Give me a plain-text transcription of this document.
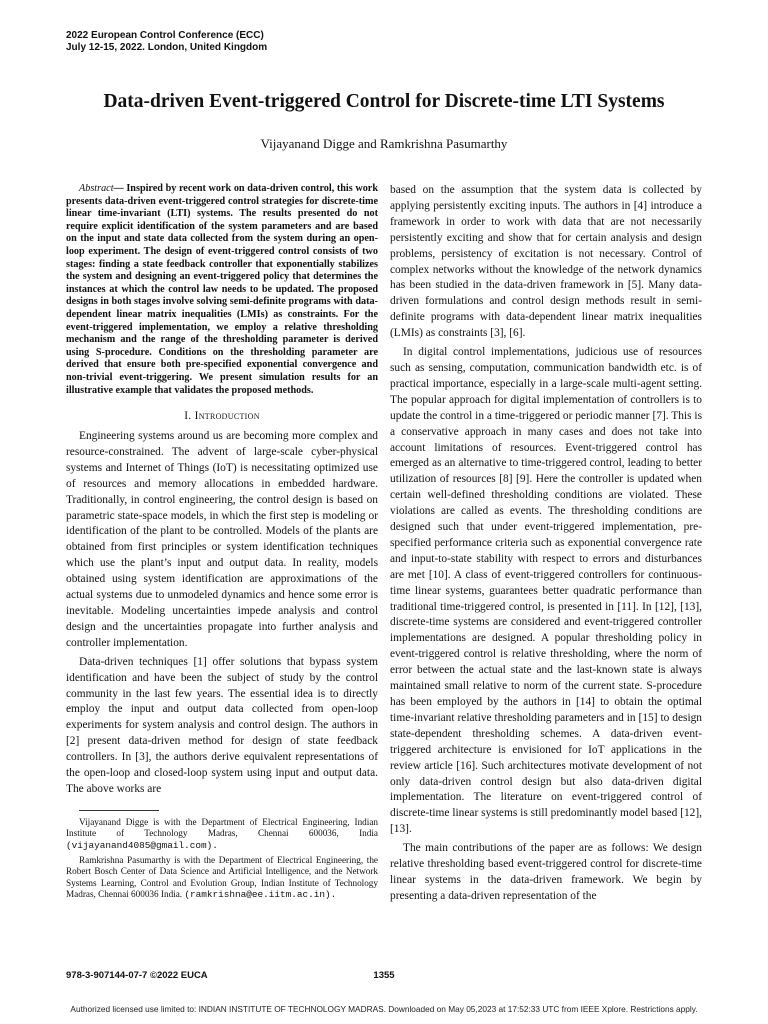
2022 European Control Conference (ECC)
July 12-15, 2022. London, United Kingdom
Data-driven Event-triggered Control for Discrete-time LTI Systems
Vijayanand Digge and Ramkrishna Pasumarthy

Abstract— Inspired by recent work on data-driven control, this work presents data-driven event-triggered control strategies for discrete-time linear time-invariant (LTI) systems. The results presented do not require explicit identification of the system parameters and are based on the input and state data collected from the system during an open-loop experiment. The design of event-triggered control consists of two stages: finding a state feedback controller that exponentially stabilizes the system and designing an event-triggered policy that determines the instances at which the control law needs to be updated. The proposed designs in both stages involve solving semi-definite programs with data-dependent linear matrix inequalities (LMIs) as constraints. For the event-triggered implementation, we employ a relative thresholding mechanism and the range of the thresholding parameter is derived using S-procedure. Conditions on the thresholding parameter are derived that ensure both pre-specified exponential convergence and non-trivial event-triggering. We present simulation results for an illustrative example that validates the proposed methods.

I. Introduction

Engineering systems around us are becoming more complex and resource-constrained. The advent of large-scale cyber-physical systems and Internet of Things (IoT) is necessitating optimized use of resources and memory allocations in embedded hardware. Traditionally, in control engineering, the control design is based on parametric state-space models, in which the first step is modeling or identification of the plant to be controlled. Models of the plants are obtained from first principles or system identification techniques which use the plant’s input and output data. In reality, models obtained using system identification are approximations of the actual systems due to unmodeled dynamics and hence some error is inevitable. Modeling uncertainties impede analysis and control design and the uncertainties propagate into further analysis and controller implementation.

Data-driven techniques [1] offer solutions that bypass system identification and have been the subject of study by the control community in the last few years. The essential idea is to directly employ the input and output data collected from open-loop experiments for system analysis and control design. The authors in [2] present data-driven method for design of state feedback controllers. In [3], the authors derive equivalent representations of the open-loop and closed-loop system using input and output data. The above works are

Vijayanand Digge is with the Department of Electrical Engineering, Indian Institute of Technology Madras, Chennai 600036, India (vijayanand4085@gmail.com).

Ramkrishna Pasumarthy is with the Department of Electrical Engineering, the Robert Bosch Center of Data Science and Artificial Intelligence, and the Network Systems Learning, Control and Evolution Group, Indian Institute of Technology Madras, Chennai 600036 India. (ramkrishna@ee.iitm.ac.in).

based on the assumption that the system data is collected by applying persistently exciting inputs. The authors in [4] introduce a framework in order to work with data that are not necessarily persistently exciting and show that for certain analysis and design problems, persistency of excitation is not necessary. Control of complex networks without the knowledge of the network dynamics has been studied in the data-driven framework in [5]. Many data-driven formulations and control design methods result in semi-definite programs with data-dependent linear matrix inequalities (LMIs) as constraints [3], [6].

In digital control implementations, judicious use of resources such as sensing, computation, communication bandwidth etc. is of practical importance, especially in a large-scale multi-agent setting. The popular approach for digital implementation of controllers is to update the control in a time-triggered or periodic manner [7]. This is a conservative approach in many cases and does not take into account limitations of resources. Event-triggered control has emerged as an alternative to time-triggered control, leading to better utilization of resources [8] [9]. Here the controller is updated when certain well-defined thresholding conditions are violated. These violations are called as events. The thresholding conditions are designed such that under event-triggered implementation, pre-specified performance criteria such as exponential convergence rate and input-to-state stability with respect to errors and disturbances are met [10]. A class of event-triggered controllers for continuous-time linear systems, guarantees better quadratic performance than traditional time-triggered control, is presented in [11]. In [12], [13], discrete-time systems are considered and event-triggered controller implementations are designed. A popular thresholding policy in event-triggered control is relative thresholding, where the norm of error between the actual state and the last-known state is always maintained small relative to norm of the current state. S-procedure has been employed by the authors in [14] to obtain the optimal time-invariant relative thresholding parameters and in [15] to design state-dependent thresholding schemes. A data-driven event-triggered architecture is envisioned for IoT applications in the review article [16]. Such architectures motivate development of not only data-driven control design but also data-driven digital implementation. The literature on event-triggered control of discrete-time linear systems is still predominantly model based [12], [13].

The main contributions of the paper are as follows: We design relative thresholding based event-triggered control for discrete-time linear systems in the data-driven framework. We begin by presenting a data-driven representation of the

978-3-907144-07-7 ©2022 EUCA	1355
Authorized licensed use limited to: INDIAN INSTITUTE OF TECHNOLOGY MADRAS. Downloaded on May 05,2023 at 17:52:33 UTC from IEEE Xplore. Restrictions apply.
